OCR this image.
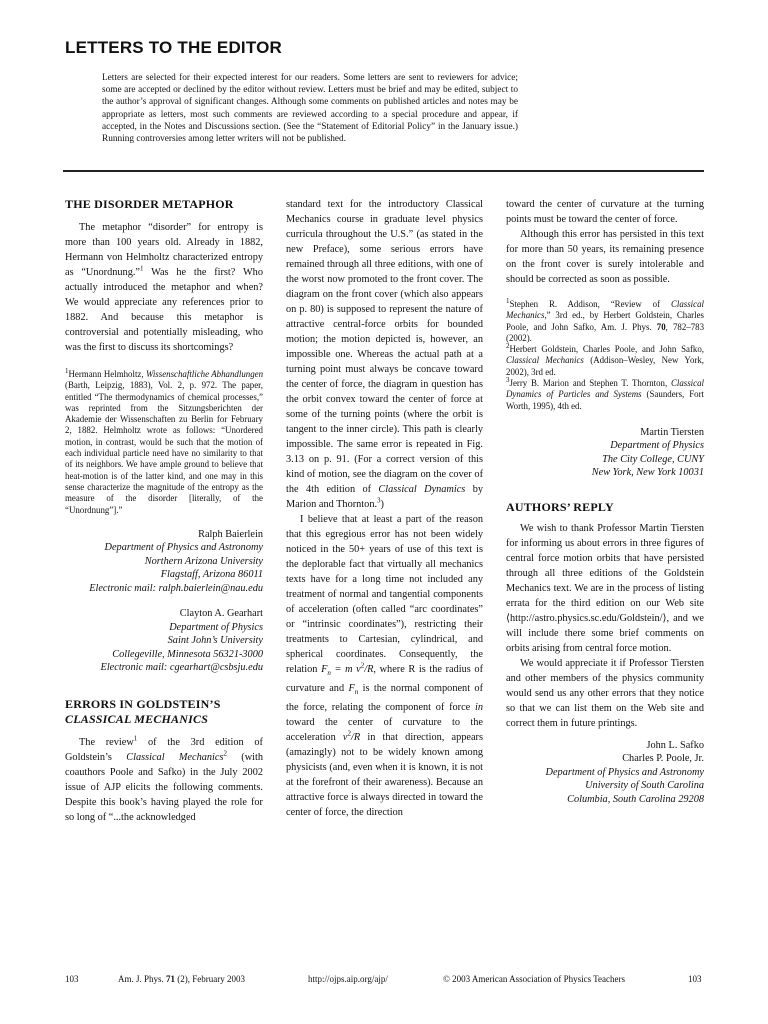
LETTERS TO THE EDITOR
Letters are selected for their expected interest for our readers. Some letters are sent to reviewers for advice; some are accepted or declined by the editor without review. Letters must be brief and may be edited, subject to the author’s approval of significant changes. Although some comments on published articles and notes may be appropriate as letters, most such comments are reviewed according to a special procedure and appear, if accepted, in the Notes and Discussions section. (See the “Statement of Editorial Policy” in the January issue.) Running controversies among letter writers will not be published.
THE DISORDER METAPHOR

The metaphor “disorder” for entropy is more than 100 years old. Already in 1882, Hermann von Helmholtz characterized entropy as “Unordnung.”$^1$ Was he the first? Who actually introduced the metaphor and when? We would appreciate any references prior to 1882. And because this metaphor is controversial and potentially misleading, who was the first to discuss its shortcomings?

$^1$Hermann Helmholtz, Wissenschaftliche Abhandlungen (Barth, Leipzig, 1883), Vol. 2, p. 972. The paper, entitled “The thermodynamics of chemical processes,” was reprinted from the Sitzungsberichten der Akademie der Wissenschaften zu Berlin for February 2, 1882. Helmholtz wrote as follows: “Unordered motion, in contrast, would be such that the motion of each individual particle need have no similarity to that of its neighbors. We have ample ground to believe that heat-motion is of the latter kind, and one may in this sense characterize the magnitude of the entropy as the measure of the disorder [literally, of the “Unordnung”].”

Ralph Baierlein
Department of Physics and Astronomy
Northern Arizona University
Flagstaff, Arizona 86011
Electronic mail: ralph.baierlein@nau.edu
Clayton A. Gearhart
Department of Physics
Saint John’s University
Collegeville, Minnesota 56321-3000
Electronic mail: cgearhart@csbsju.edu
ERRORS IN GOLDSTEIN’S
CLASSICAL MECHANICS

The review$^1$ of the 3rd edition of Goldstein’s Classical Mechanics$^2$ (with coauthors Poole and Safko) in the July 2002 issue of AJP elicits the following comments. Despite this book’s having played the role for so long of “...the acknowledged

standard text for the introductory Classical Mechanics course in graduate level physics curricula throughout the U.S.” (as stated in the new Preface), some serious errors have remained through all three editions, with one of the worst now promoted to the front cover. The diagram on the front cover (which also appears on p. 80) is supposed to represent the nature of attractive central-force orbits for bounded motion; the motion depicted is, however, an impossible one. Whereas the actual path at a turning point must always be concave toward the center of force, the diagram in question has the orbit convex toward the center of force at some of the turning points (where the orbit is tangent to the inner circle). This path is clearly impossible. The same error is repeated in Fig. 3.13 on p. 91. (For a correct version of this kind of motion, see the diagram on the cover of the 4th edition of Classical Dynamics by Marion and Thornton.$^3$)

I believe that at least a part of the reason that this egregious error has not been widely noticed in the 50+ years of use of this text is the deplorable fact that virtually all mechanics texts have for a long time not included any treatment of normal and tangential components of acceleration (often called “arc coordinates” or “intrinsic coordinates”), restricting their treatments to Cartesian, cylindrical, and spherical coordinates. Consequently, the relation $F_n = m$ $v^2/R$, where R is the radius of curvature and $F_n$ is the normal component of the force, relating the component of force in toward the center of curvature to the acceleration $v^2/R$ in that direction, appears (amazingly) not to be widely known among physicists (and, even when it is known, it is not at the forefront of their awareness). Because an attractive force is always directed in toward the center of force, the direction

toward the center of curvature at the turning points must be toward the center of force.

Although this error has persisted in this text for more than 50 years, its remaining presence on the front cover is surely intolerable and should be corrected as soon as possible.

$^1$Stephen R. Addison, “Review of Classical Mechanics,” 3rd ed., by Herbert Goldstein, Charles Poole, and John Safko, Am. J. Phys. 70, 782–783 (2002).

$^2$Herbert Goldstein, Charles Poole, and John Safko, Classical Mechanics (Addison–Wesley, New York, 2002), 3rd ed.

$^3$Jerry B. Marion and Stephen T. Thornton, Classical Dynamics of Particles and Systems (Saunders, Fort Worth, 1995), 4th ed.

Martin Tiersten
Department of Physics
The City College, CUNY
New York, New York 10031
AUTHORS’ REPLY

We wish to thank Professor Martin Tiersten for informing us about errors in three figures of central force motion orbits that have persisted through all three editions of the Goldstein Mechanics text. We are in the process of listing errata for the third edition on our Web site ⟨http://astro.physics.sc.edu/Goldstein/⟩, and we will include there some brief comments on orbits arising from central force motion.

We would appreciate it if Professor Tiersten and other members of the physics community would send us any other errors that they notice so that we can list them on the Web site and correct them in future printings.

John L. Safko
Charles P. Poole, Jr.
Department of Physics and Astronomy
University of South Carolina
Columbia, South Carolina 29208
103	Am. J. Phys. 71 (2), February 2003	http://ojps.aip.org/ajp/	© 2003 American Association of Physics Teachers	103
